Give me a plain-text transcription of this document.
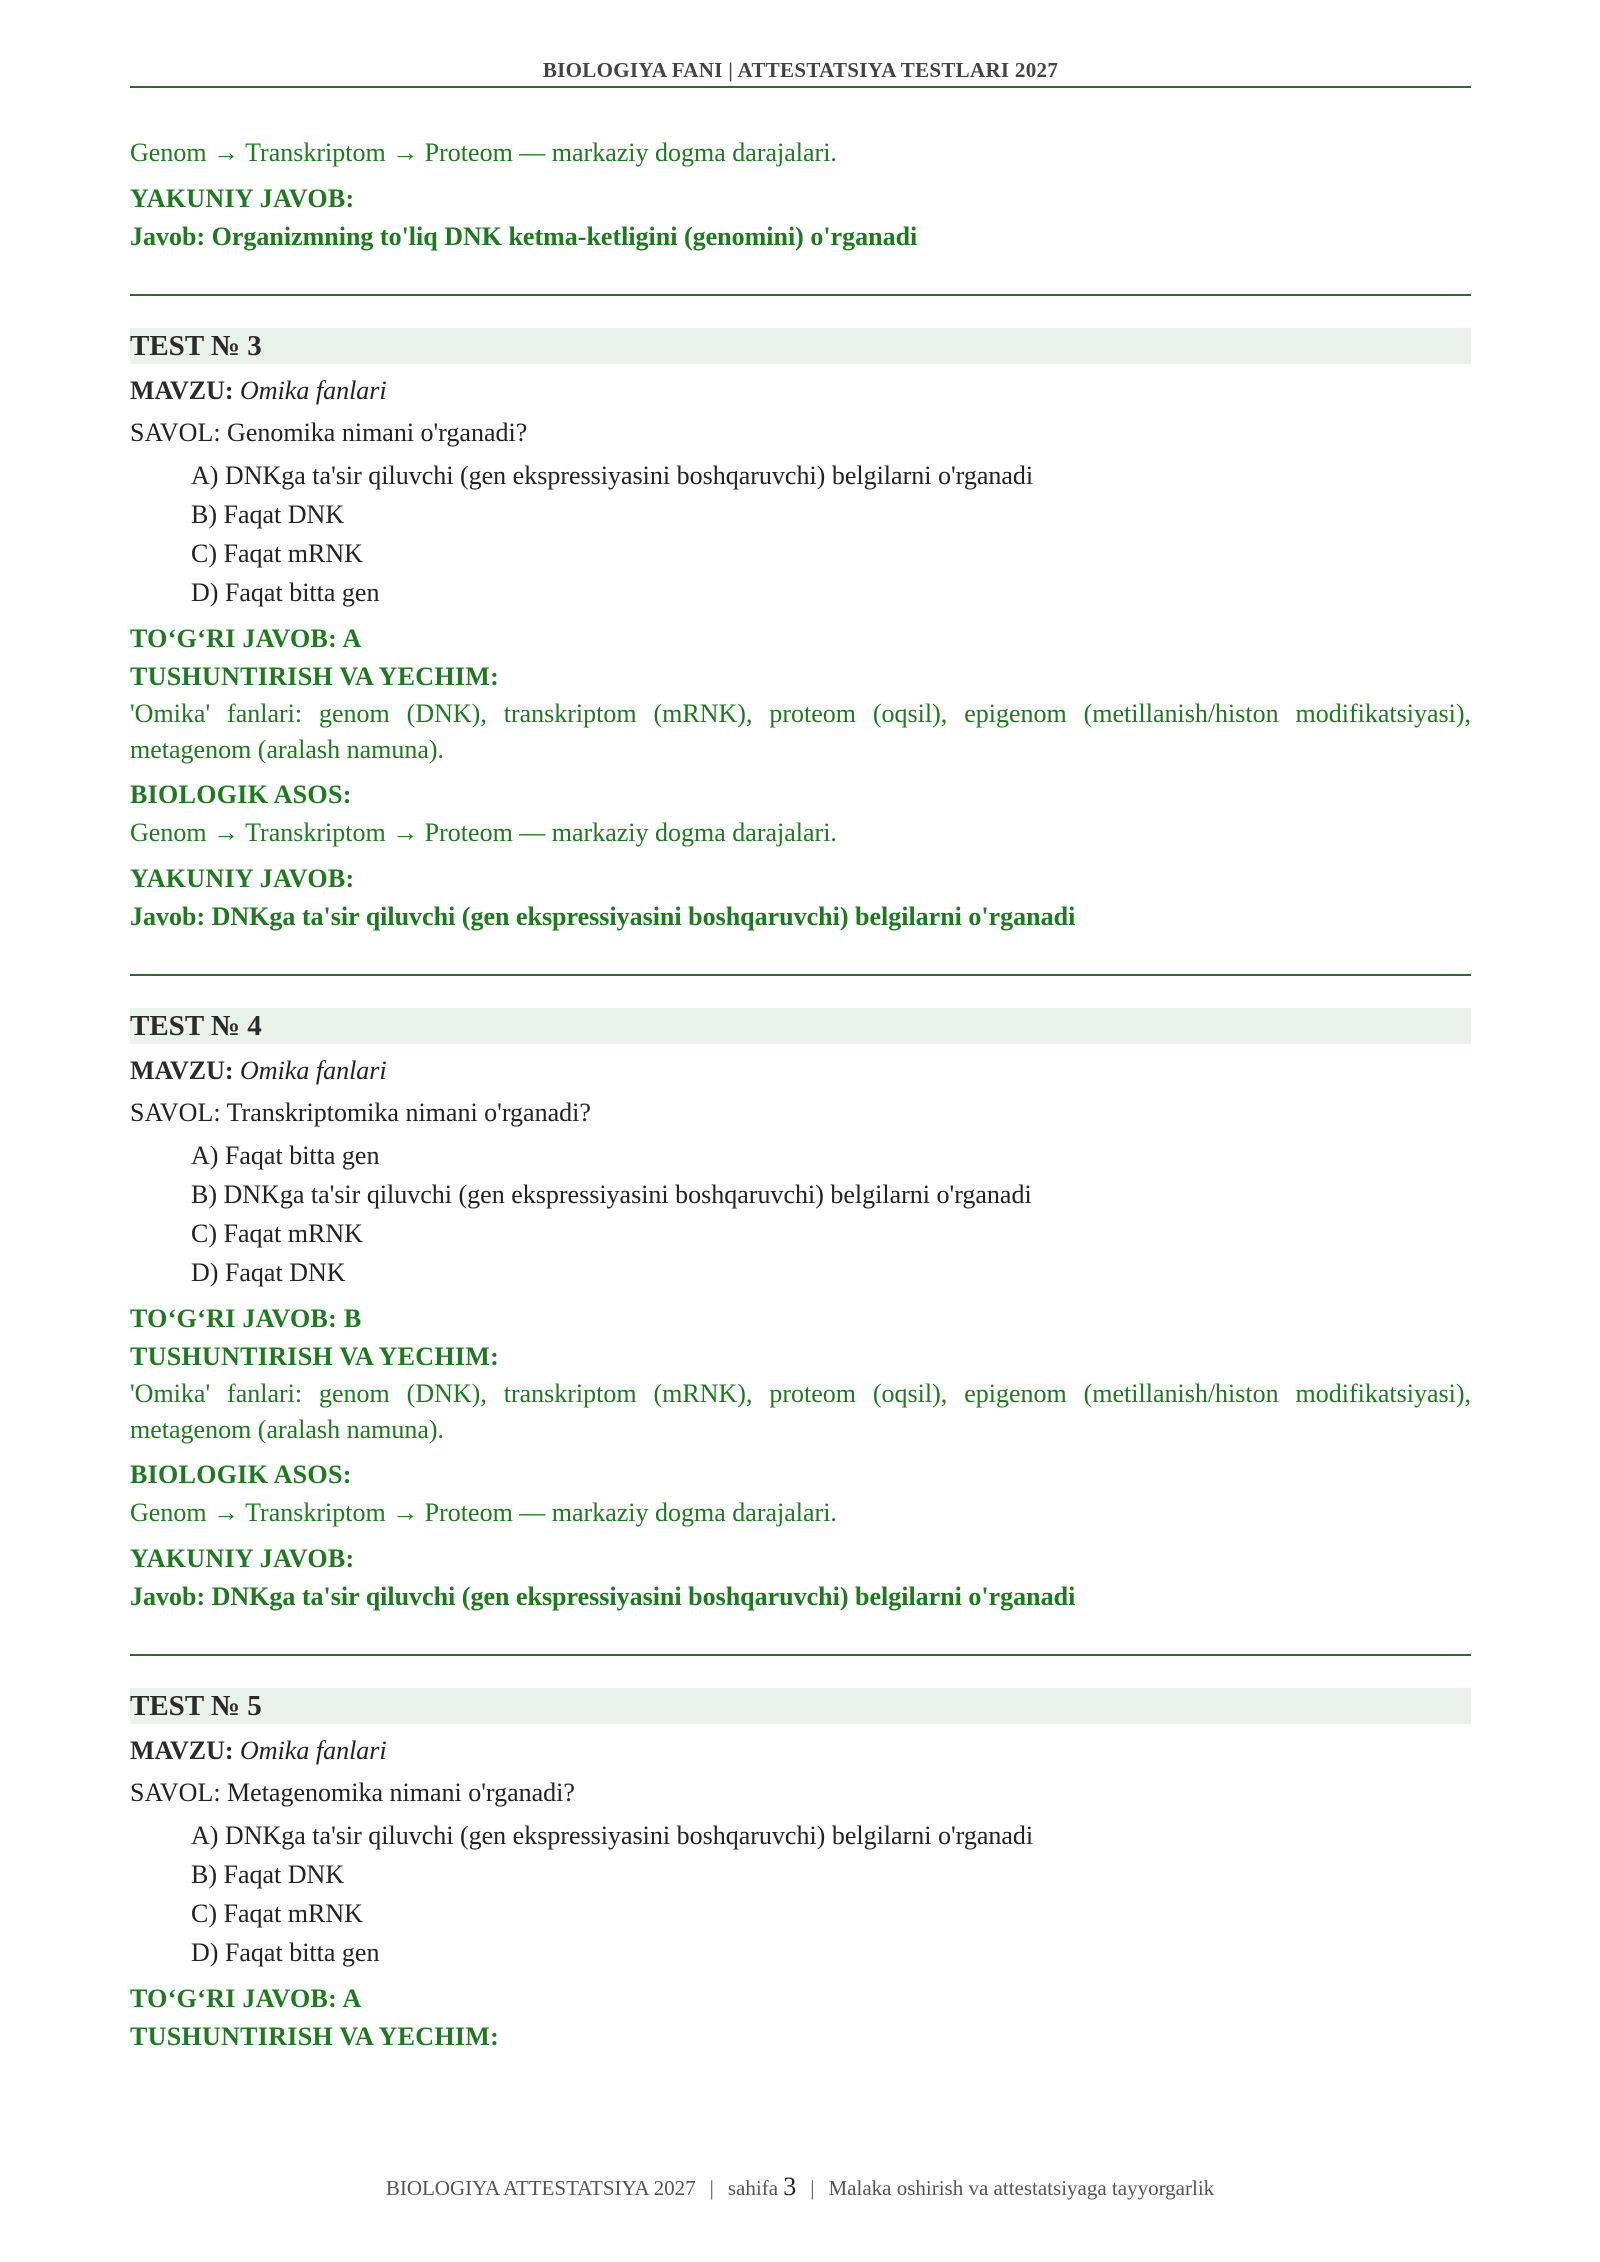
BIOLOGIYA FANI | ATTESTATSIYA TESTLARI 2027
Genom → Transkriptom → Proteom — markaziy dogma darajalari.
YAKUNIY JAVOB:
Javob: Organizmning to'liq DNK ketma-ketligini (genomini) o'rganadi
TEST № 3
MAVZU: Omika fanlari
SAVOL: Genomika nimani o'rganadi?
A) DNKga ta'sir qiluvchi (gen ekspressiyasini boshqaruvchi) belgilarni o'rganadi
B) Faqat DNK
C) Faqat mRNK
D) Faqat bitta gen
TO‘G‘RI JAVOB: A
TUSHUNTIRISH VA YECHIM:
'Omika' fanlari: genom (DNK), transkriptom (mRNK), proteom (oqsil), epigenom (metillanish/histon modifikatsiyasi), metagenom (aralash namuna).
BIOLOGIK ASOS:
Genom → Transkriptom → Proteom — markaziy dogma darajalari.
YAKUNIY JAVOB:
Javob: DNKga ta'sir qiluvchi (gen ekspressiyasini boshqaruvchi) belgilarni o'rganadi
TEST № 4
MAVZU: Omika fanlari
SAVOL: Transkriptomika nimani o'rganadi?
A) Faqat bitta gen
B) DNKga ta'sir qiluvchi (gen ekspressiyasini boshqaruvchi) belgilarni o'rganadi
C) Faqat mRNK
D) Faqat DNK
TO‘G‘RI JAVOB: B
TUSHUNTIRISH VA YECHIM:
'Omika' fanlari: genom (DNK), transkriptom (mRNK), proteom (oqsil), epigenom (metillanish/histon modifikatsiyasi), metagenom (aralash namuna).
BIOLOGIK ASOS:
Genom → Transkriptom → Proteom — markaziy dogma darajalari.
YAKUNIY JAVOB:
Javob: DNKga ta'sir qiluvchi (gen ekspressiyasini boshqaruvchi) belgilarni o'rganadi
TEST № 5
MAVZU: Omika fanlari
SAVOL: Metagenomika nimani o'rganadi?
A) DNKga ta'sir qiluvchi (gen ekspressiyasini boshqaruvchi) belgilarni o'rganadi
B) Faqat DNK
C) Faqat mRNK
D) Faqat bitta gen
TO‘G‘RI JAVOB: A
TUSHUNTIRISH VA YECHIM:
BIOLOGIYA ATTESTATSIYA 2027 | sahifa 3 | Malaka oshirish va attestatsiyaga tayyorgarlik
